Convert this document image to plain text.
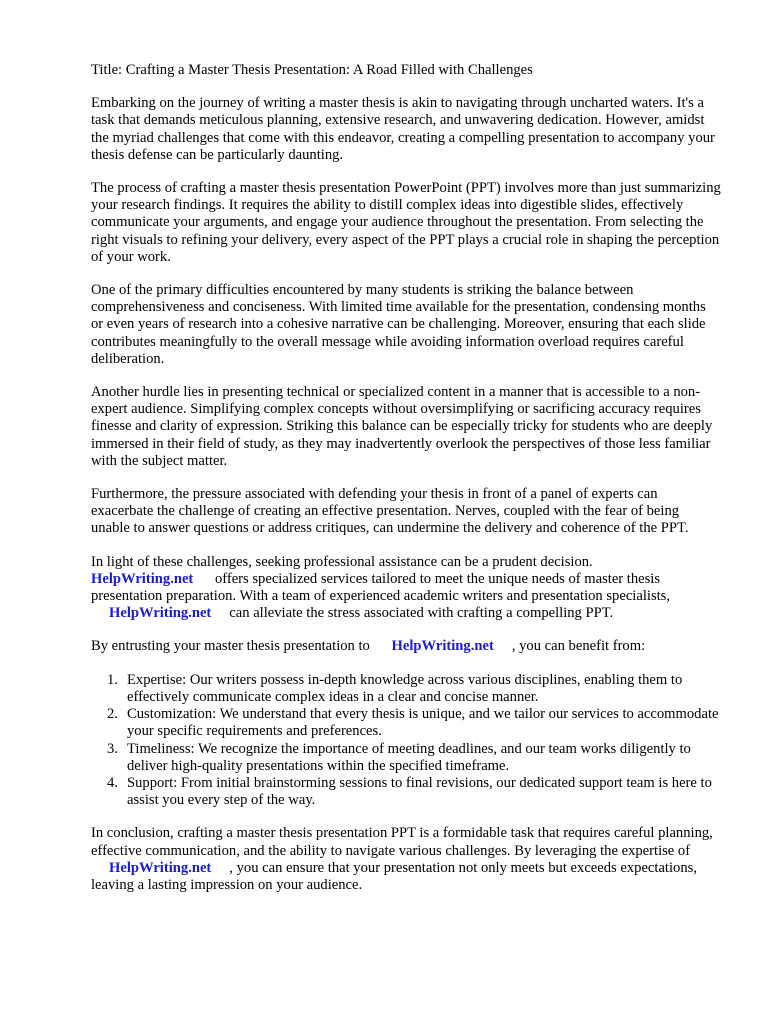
Title: Crafting a Master Thesis Presentation: A Road Filled with Challenges

Embarking on the journey of writing a master thesis is akin to navigating through uncharted waters. It's a task that demands meticulous planning, extensive research, and unwavering dedication. However, amidst the myriad challenges that come with this endeavor, creating a compelling presentation to accompany your thesis defense can be particularly daunting.

The process of crafting a master thesis presentation PowerPoint (PPT) involves more than just summarizing your research findings. It requires the ability to distill complex ideas into digestible slides, effectively communicate your arguments, and engage your audience throughout the presentation. From selecting the right visuals to refining your delivery, every aspect of the PPT plays a crucial role in shaping the perception of your work.

One of the primary difficulties encountered by many students is striking the balance between comprehensiveness and conciseness. With limited time available for the presentation, condensing months or even years of research into a cohesive narrative can be challenging. Moreover, ensuring that each slide contributes meaningfully to the overall message while avoiding information overload requires careful deliberation.

Another hurdle lies in presenting technical or specialized content in a manner that is accessible to a non-expert audience. Simplifying complex concepts without oversimplifying or sacrificing accuracy requires finesse and clarity of expression. Striking this balance can be especially tricky for students who are deeply immersed in their field of study, as they may inadvertently overlook the perspectives of those less familiar with the subject matter.

Furthermore, the pressure associated with defending your thesis in front of a panel of experts can exacerbate the challenge of creating an effective presentation. Nerves, coupled with the fear of being unable to answer questions or address critiques, can undermine the delivery and coherence of the PPT.

In light of these challenges, seeking professional assistance can be a prudent decision.
HelpWriting.net offers specialized services tailored to meet the unique needs of master thesis presentation preparation. With a team of experienced academic writers and presentation specialists,
HelpWriting.net can alleviate the stress associated with crafting a compelling PPT.

By entrusting your master thesis presentation to HelpWriting.net , you can benefit from:

1. Expertise: Our writers possess in-depth knowledge across various disciplines, enabling them to effectively communicate complex ideas in a clear and concise manner.
2. Customization: We understand that every thesis is unique, and we tailor our services to accommodate your specific requirements and preferences.
3. Timeliness: We recognize the importance of meeting deadlines, and our team works diligently to deliver high-quality presentations within the specified timeframe.
4. Support: From initial brainstorming sessions to final revisions, our dedicated support team is here to assist you every step of the way.

In conclusion, crafting a master thesis presentation PPT is a formidable task that requires careful planning, effective communication, and the ability to navigate various challenges. By leveraging the expertise of HelpWriting.net , you can ensure that your presentation not only meets but exceeds expectations, leaving a lasting impression on your audience.
